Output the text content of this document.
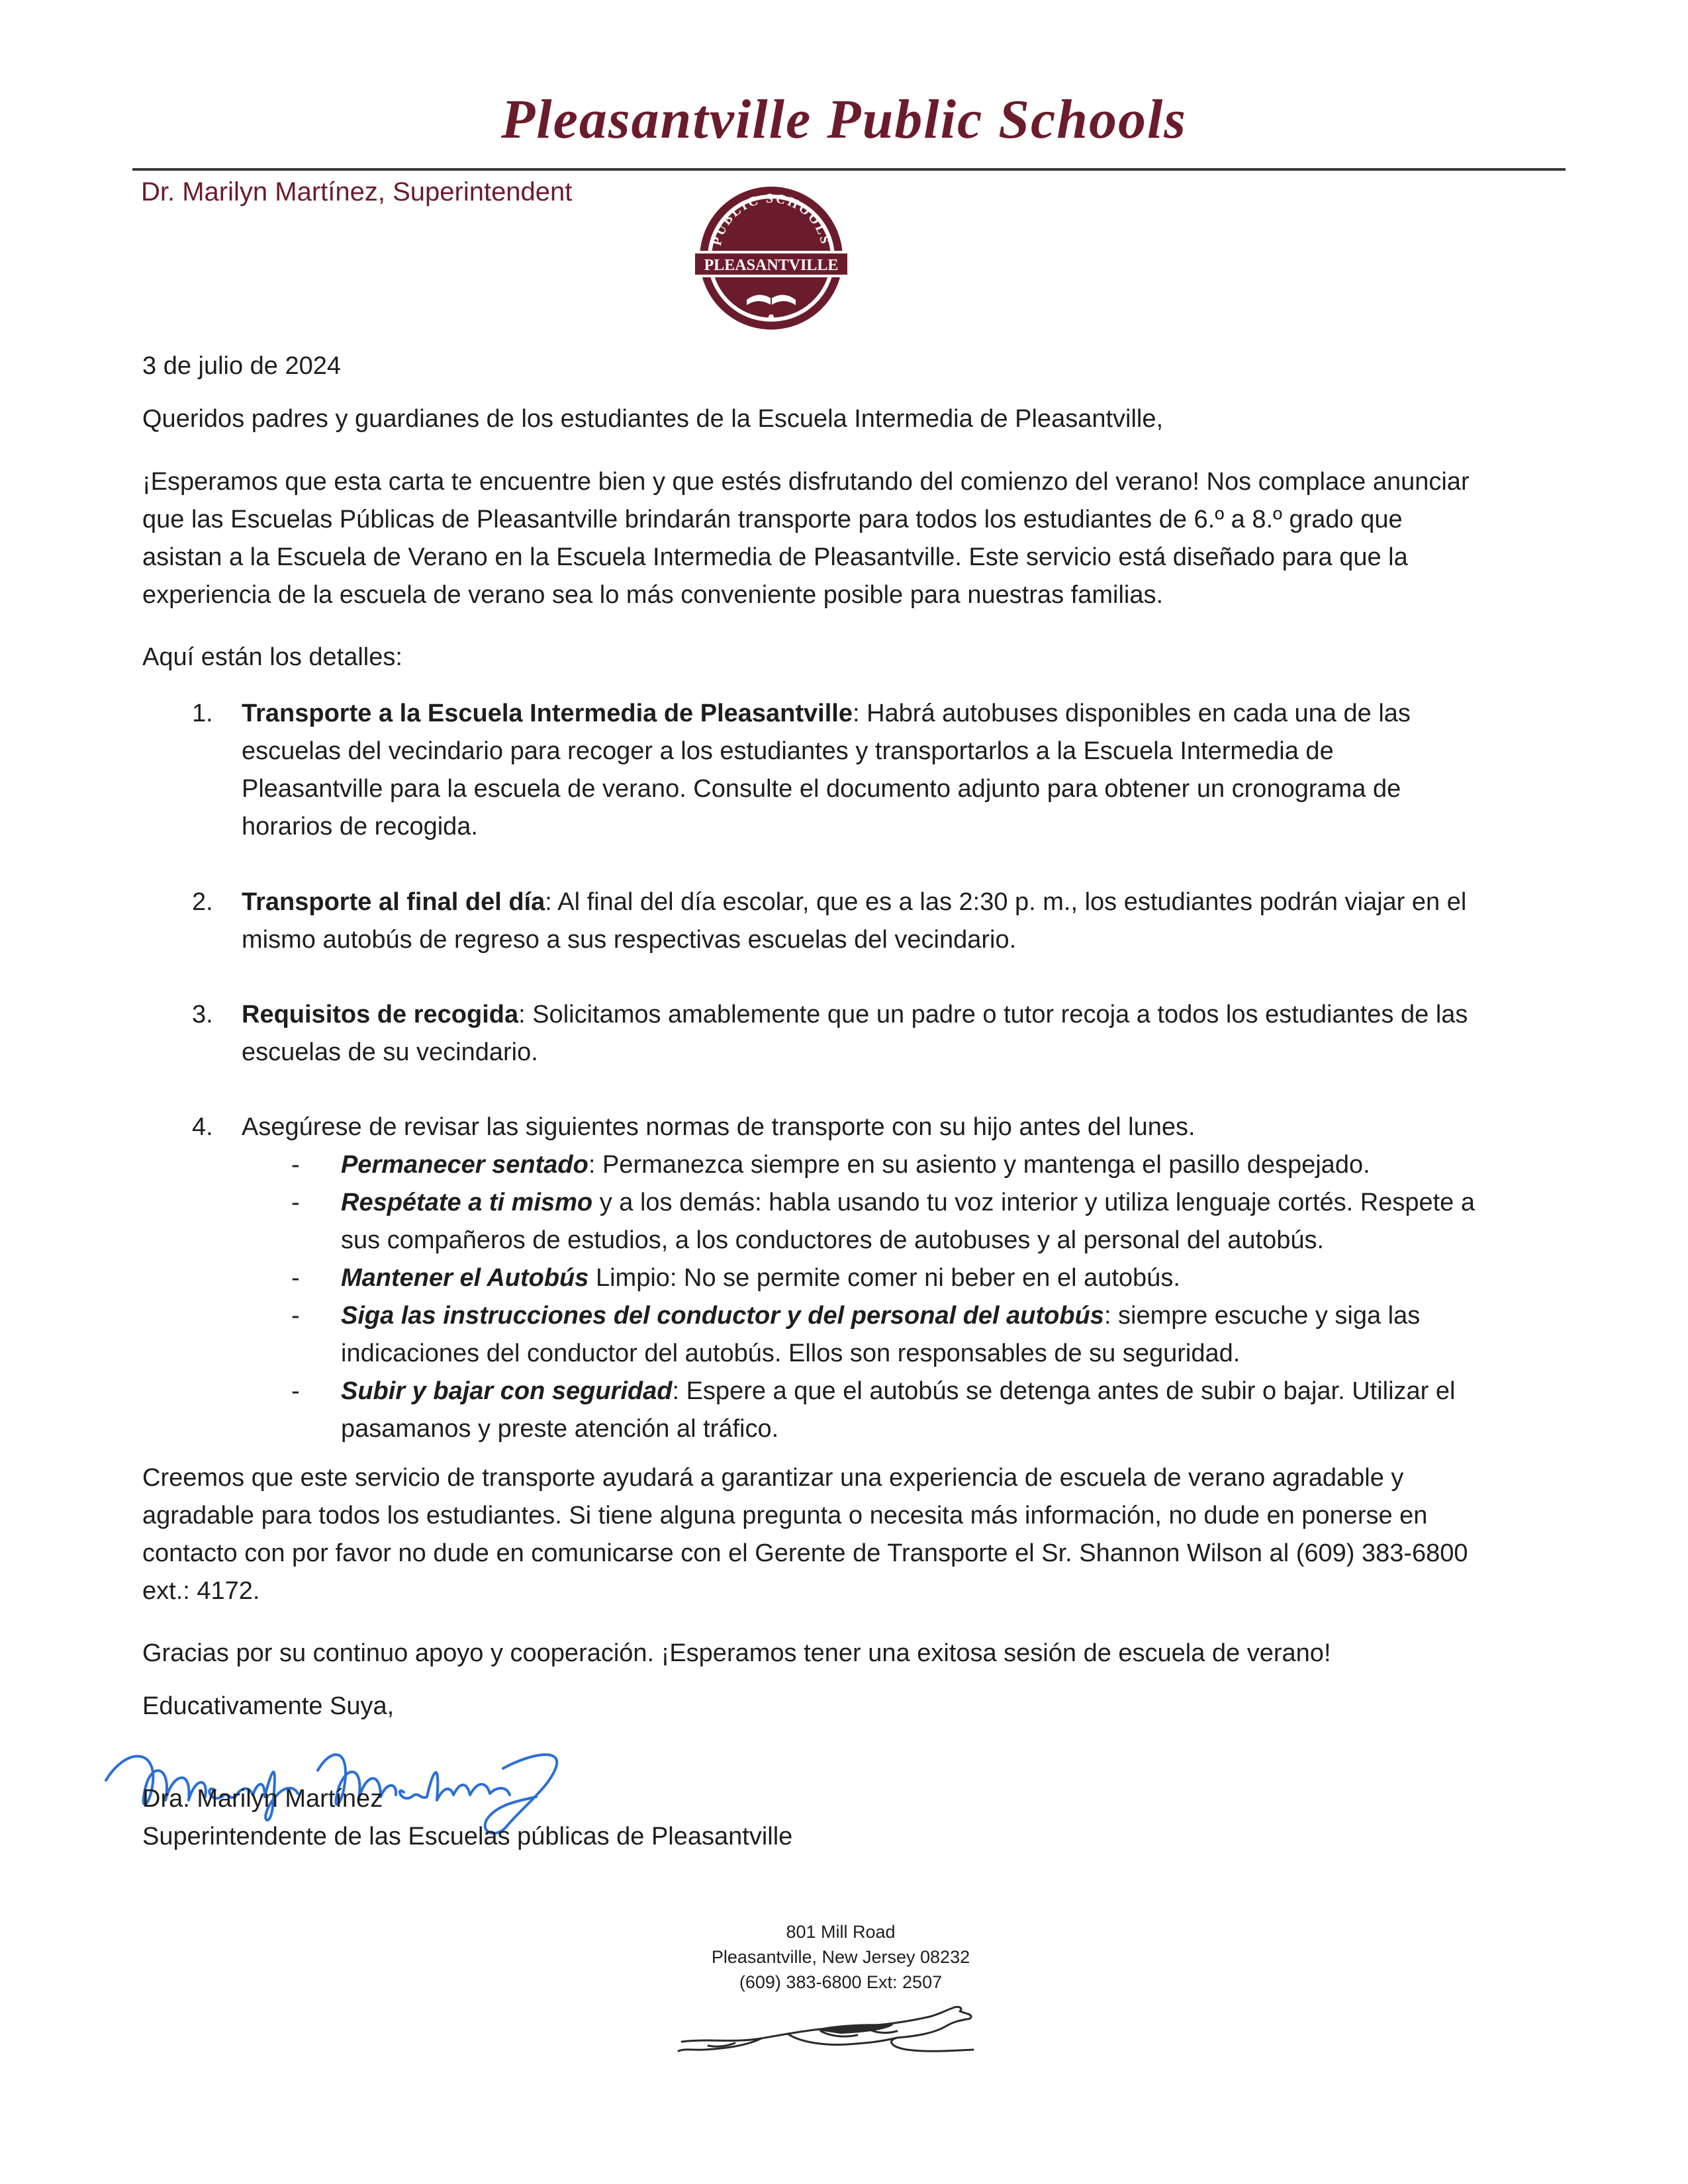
Pleasantville Public Schools

Dr. Marilyn Martínez, Superintendent

PUBLIC SCHOOLS
PLEASANTVILLE

3 de julio de 2024

Queridos padres y guardianes de los estudiantes de la Escuela Intermedia de Pleasantville,

¡Esperamos que esta carta te encuentre bien y que estés disfrutando del comienzo del verano! Nos complace anunciar que las Escuelas Públicas de Pleasantville brindarán transporte para todos los estudiantes de 6.º a 8.º grado que asistan a la Escuela de Verano en la Escuela Intermedia de Pleasantville. Este servicio está diseñado para que la experiencia de la escuela de verano sea lo más conveniente posible para nuestras familias.

Aquí están los detalles:

1.	Transporte a la Escuela Intermedia de Pleasantville: Habrá autobuses disponibles en cada una de las escuelas del vecindario para recoger a los estudiantes y transportarlos a la Escuela Intermedia de Pleasantville para la escuela de verano. Consulte el documento adjunto para obtener un cronograma de horarios de recogida.
2.	Transporte al final del día: Al final del día escolar, que es a las 2:30 p. m., los estudiantes podrán viajar en el mismo autobús de regreso a sus respectivas escuelas del vecindario.
3.	Requisitos de recogida: Solicitamos amablemente que un padre o tutor recoja a todos los estudiantes de las escuelas de su vecindario.
4.	Asegúrese de revisar las siguientes normas de transporte con su hijo antes del lunes.
- Permanecer sentado: Permanezca siempre en su asiento y mantenga el pasillo despejado.
- Respétate a ti mismo y a los demás: habla usando tu voz interior y utiliza lenguaje cortés. Respete a sus compañeros de estudios, a los conductores de autobuses y al personal del autobús.
- Mantener el Autobús Limpio: No se permite comer ni beber en el autobús.
- Siga las instrucciones del conductor y del personal del autobús: siempre escuche y siga las indicaciones del conductor del autobús. Ellos son responsables de su seguridad.
- Subir y bajar con seguridad: Espere a que el autobús se detenga antes de subir o bajar. Utilizar el pasamanos y preste atención al tráfico.

Creemos que este servicio de transporte ayudará a garantizar una experiencia de escuela de verano agradable y agradable para todos los estudiantes. Si tiene alguna pregunta o necesita más información, no dude en ponerse en contacto con por favor no dude en comunicarse con el Gerente de Transporte el Sr. Shannon Wilson al (609) 383-6800 ext.: 4172.

Gracias por su continuo apoyo y cooperación. ¡Esperamos tener una exitosa sesión de escuela de verano!

Educativamente Suya,

Dra. Marilyn Martínez

Superintendente de las Escuelas públicas de Pleasantville

801 Mill Road
Pleasantville, New Jersey 08232
(609) 383-6800 Ext: 2507
